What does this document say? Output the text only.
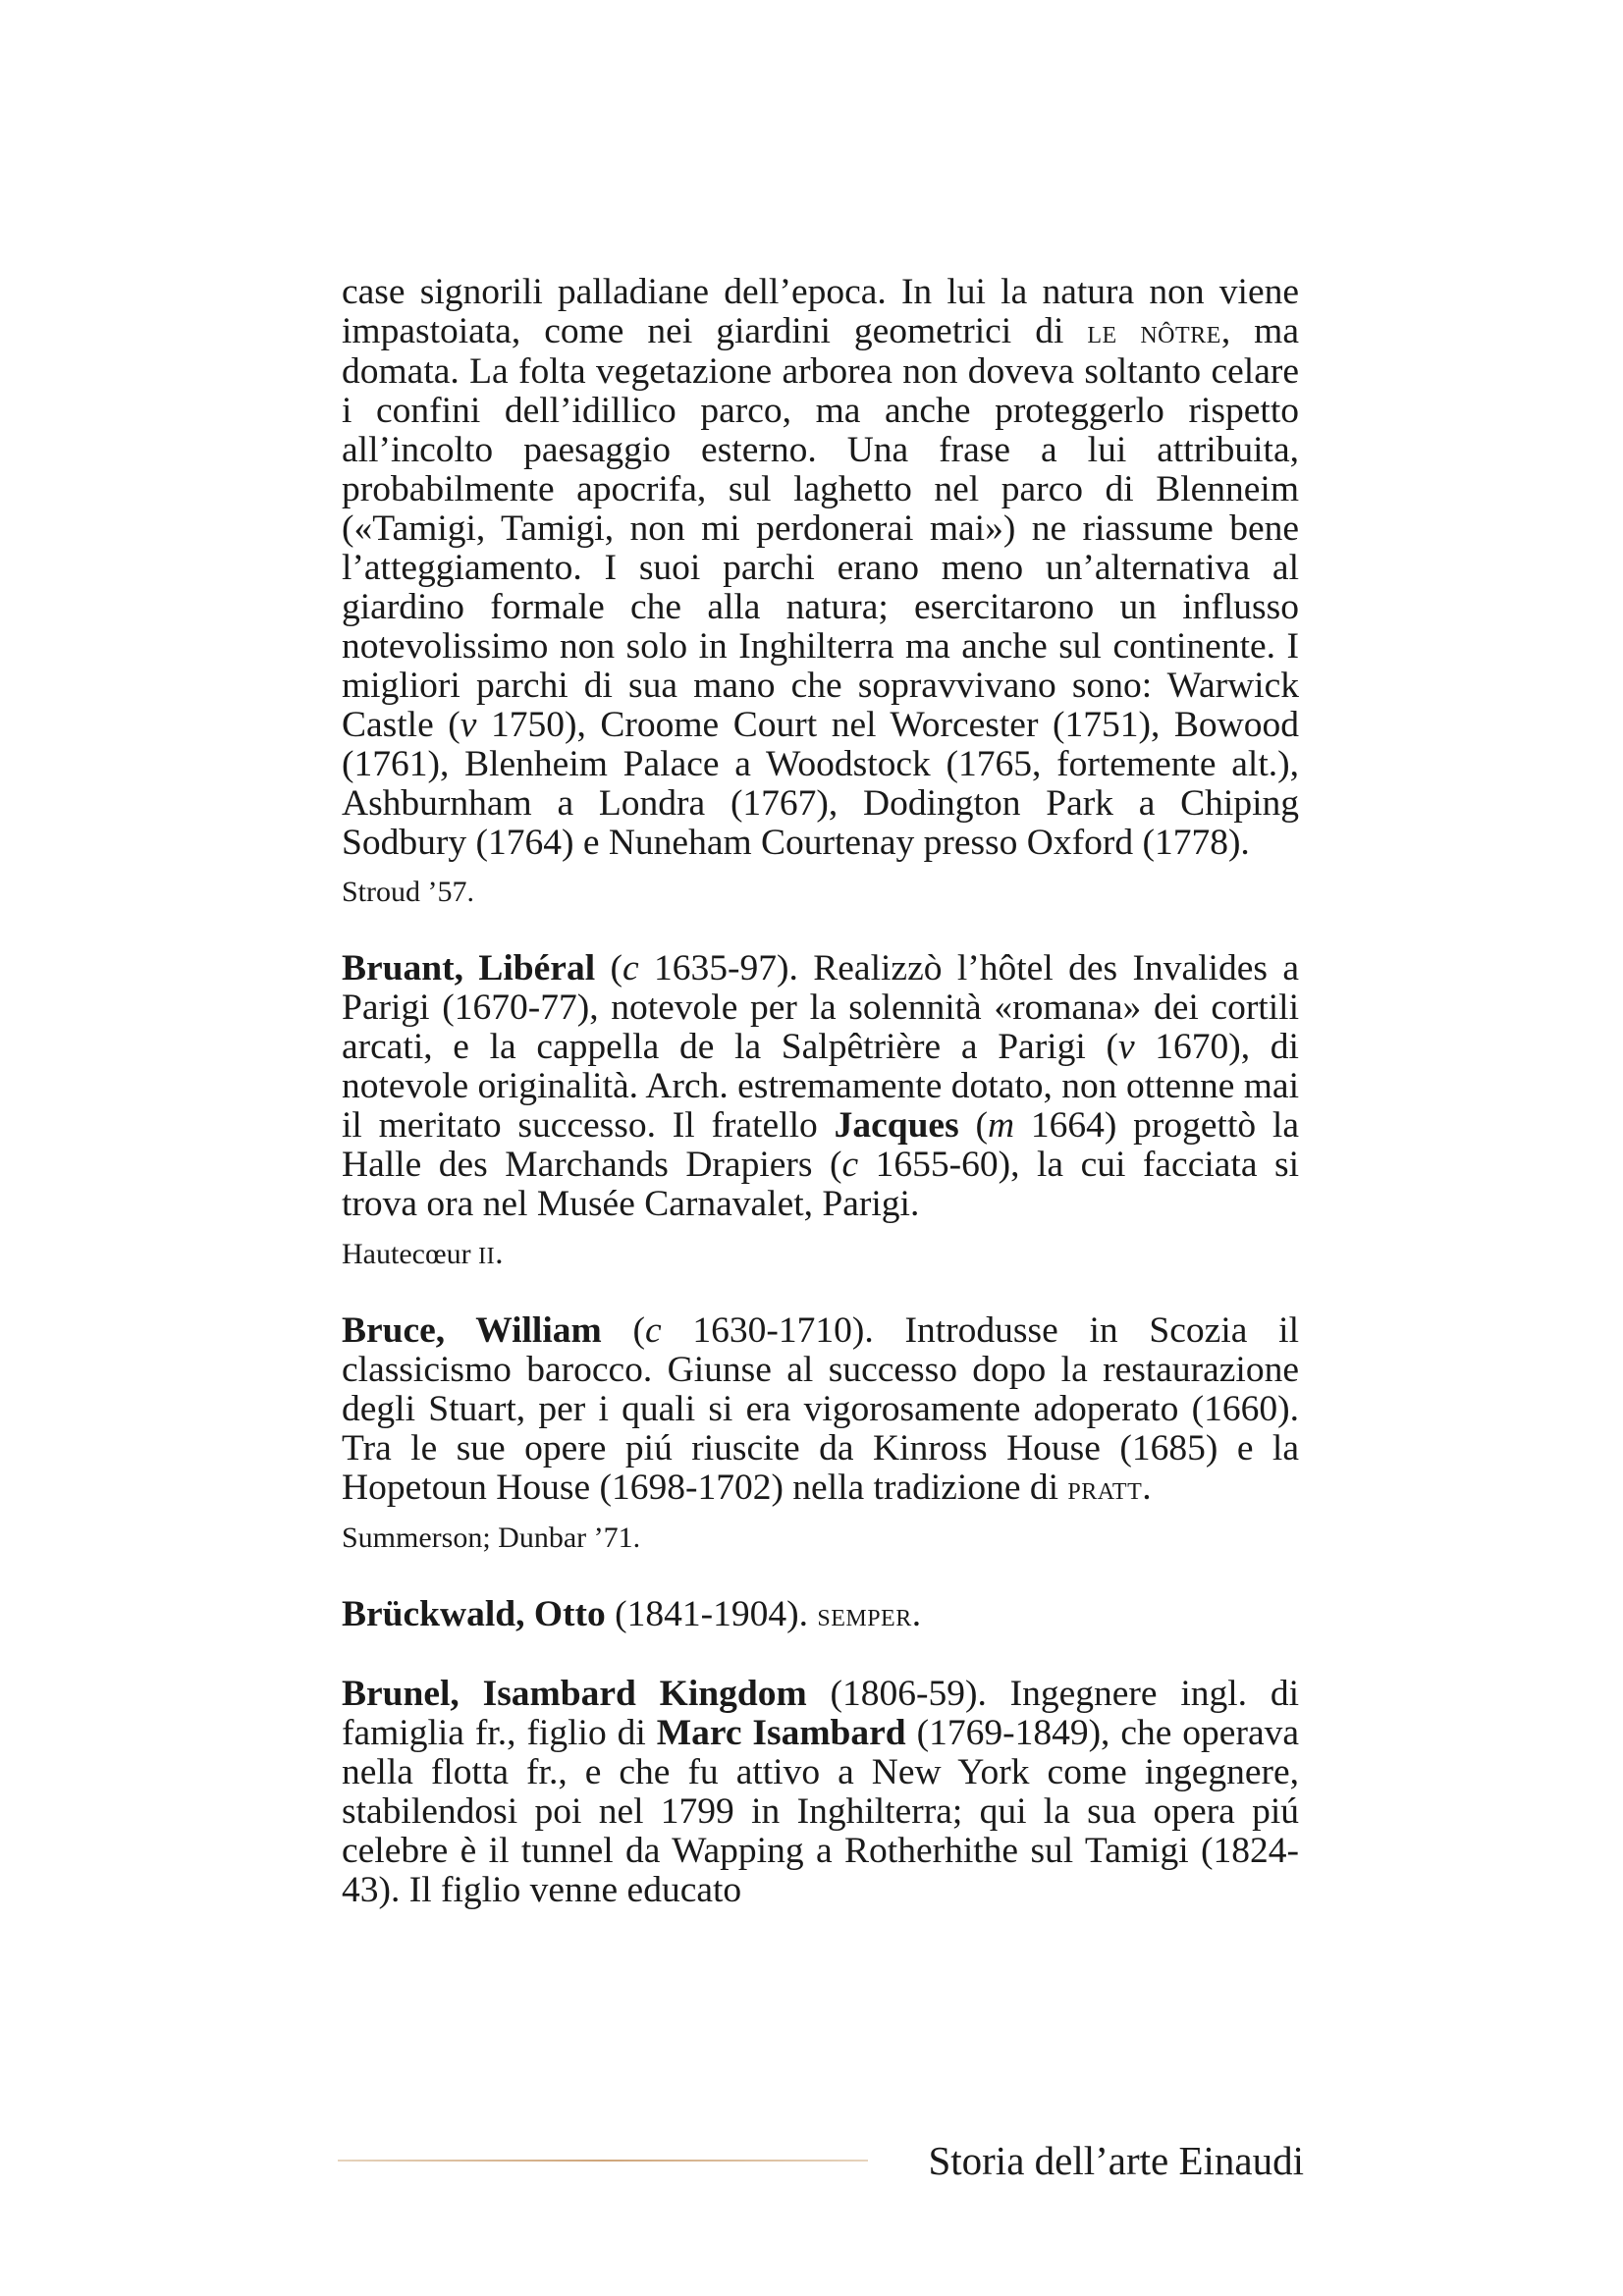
case signorili palladiane dell’epoca. In lui la natura non viene impastoiata, come nei giardini geometrici di le nôtre, ma domata. La folta vegetazione arborea non doveva soltanto celare i confini dell’idillico parco, ma anche proteggerlo rispetto all’incolto paesaggio esterno. Una frase a lui attribuita, probabilmente apocrifa, sul laghetto nel parco di Blenneim («Tamigi, Tamigi, non mi perdonerai mai») ne riassume bene l’atteggiamento. I suoi parchi erano meno un’alternativa al giardino formale che alla natura; esercitarono un influsso notevolissimo non solo in Inghilterra ma anche sul continente. I migliori parchi di sua mano che sopravvivano sono: Warwick Castle (v 1750), Croome Court nel Worcester (1751), Bowood (1761), Blenheim Palace a Woodstock (1765, fortemente alt.), Ashburnham a Londra (1767), Dodington Park a Chiping Sodbury (1764) e Nuneham Courtenay presso Oxford (1778).

Stroud ’57.

Bruant, Libéral (c 1635-97). Realizzò l’hôtel des Invalides a Parigi (1670-77), notevole per la solennità «romana» dei cortili arcati, e la cappella de la Salpêtrière a Parigi (v 1670), di notevole originalità. Arch. estremamente dotato, non ottenne mai il meritato successo. Il fratello Jacques (m 1664) progettò la Halle des Marchands Drapiers (c 1655-60), la cui facciata si trova ora nel Musée Carnavalet, Parigi.

Hautecœur ii.

Bruce, William (c 1630-1710). Introdusse in Scozia il classicismo barocco. Giunse al successo dopo la restaurazione degli Stuart, per i quali si era vigorosamente adoperato (1660). Tra le sue opere piú riuscite da Kinross House (1685) e la Hopetoun House (1698-1702) nella tradizione di pratt.

Summerson; Dunbar ’71.

Brückwald, Otto (1841-1904). semper.

Brunel, Isambard Kingdom (1806-59). Ingegnere ingl. di famiglia fr., figlio di Marc Isambard (1769-1849), che operava nella flotta fr., e che fu attivo a New York come ingegnere, stabilendosi poi nel 1799 in Inghilterra; qui la sua opera piú celebre è il tunnel da Wapping a Rotherhithe sul Tamigi (1824-43). Il figlio venne educato

Storia dell’arte Einaudi
